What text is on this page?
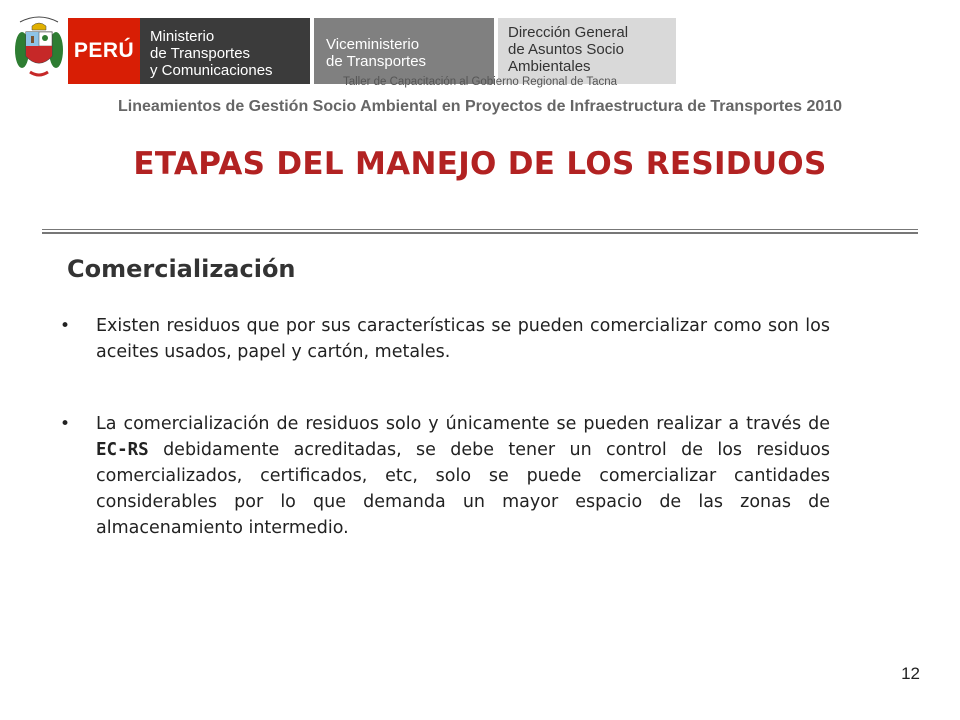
PERÚ
Ministerio
de Transportes
y Comunicaciones
Viceministerio
de Transportes
Dirección General
de Asuntos Socio
Ambientales
Taller de Capacitación al Gobierno Regional de Tacna
Lineamientos de Gestión Socio Ambiental en Proyectos de Infraestructura de Transportes 2010
ETAPAS DEL MANEJO DE LOS RESIDUOS
Comercialización
•	Existen residuos que por sus características se pueden comercializar como son los aceites usados, papel y cartón, metales.
•	La comercialización de residuos solo y únicamente se pueden realizar a través de EC-RS debidamente acreditadas, se debe tener un control de los residuos comercializados, certificados, etc, solo se puede comercializar cantidades considerables por lo que demanda un mayor espacio de las zonas de almacenamiento intermedio.
12
